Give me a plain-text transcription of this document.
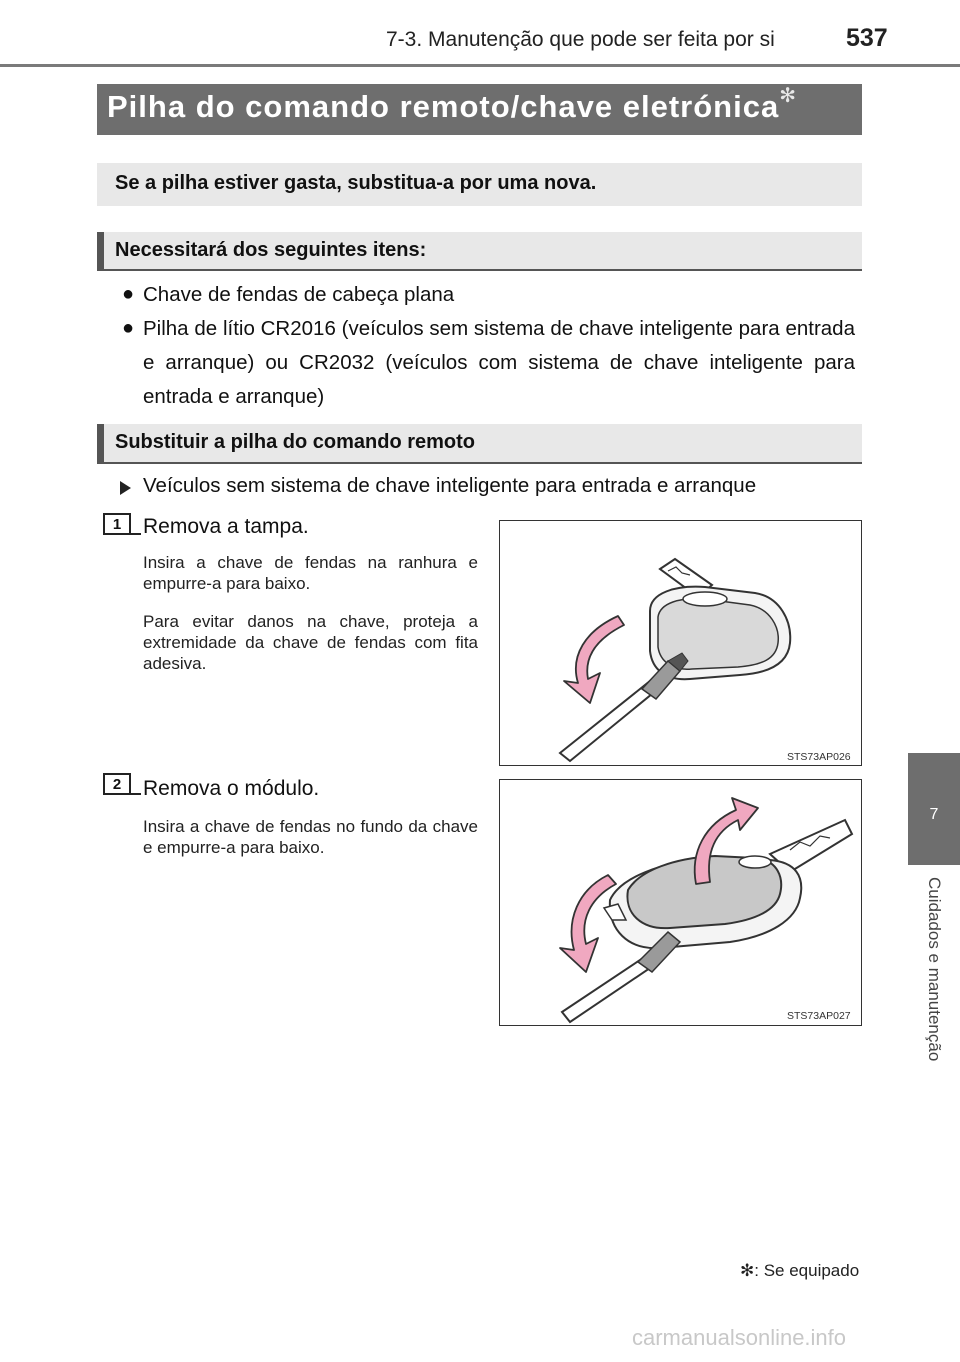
7-3. Manutenção que pode ser feita por si	537
7
Cuidados e manutenção
Pilha do comando remoto/chave eletrónica✻
Se a pilha estiver gasta, substitua-a por uma nova.
Necessitará dos seguintes itens:
● Chave de fendas de cabeça plana
● Pilha de lítio CR2016 (veículos sem sistema de chave inteligente para entrada e arranque) ou CR2032 (veículos com sistema de chave inteligente para entrada e arranque)
Substituir a pilha do comando remoto
Veículos sem sistema de chave inteligente para entrada e arranque
1	Remova a tampa.
Insira a chave de fendas na ranhura e empurre-a para baixo.
Para evitar danos na chave, proteja a extremidade da chave de fendas com fita adesiva.
STS73AP026
2	Remova o módulo.
Insira a chave de fendas no fundo da chave e empurre-a para baixo.
STS73AP027
✻: Se equipado
carmanualsonline.info
